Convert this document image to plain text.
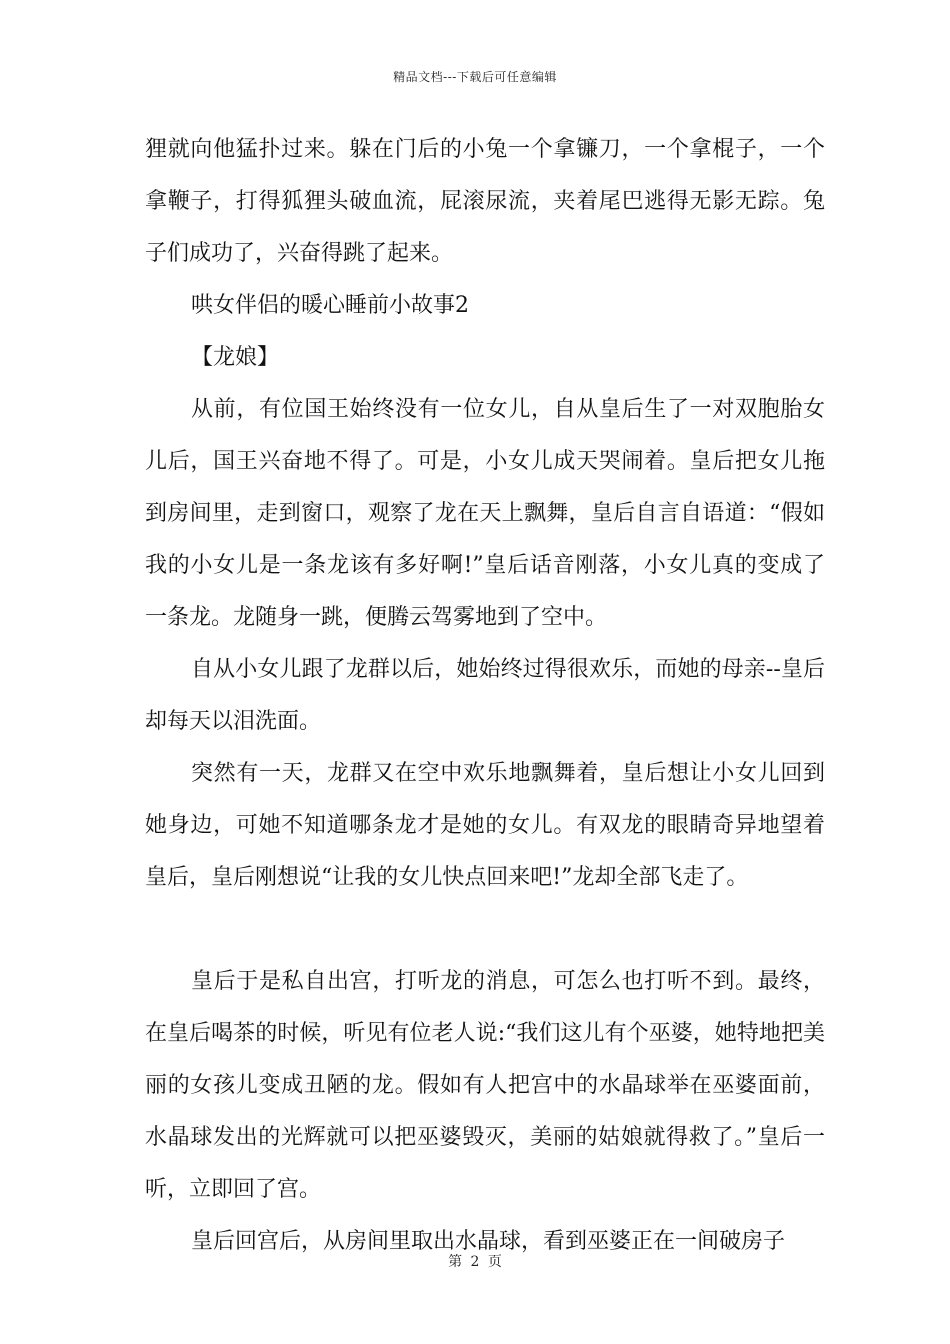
精品文档---下载后可任意编辑

狸就向他猛扑过来。躲在门后的小兔一个拿镰刀，一个拿棍子，一个拿鞭子，打得狐狸头破血流，屁滚尿流，夹着尾巴逃得无影无踪。兔子们成功了，兴奋得跳了起来。

哄女伴侣的暖心睡前小故事2

【龙娘】

从前，有位国王始终没有一位女儿，自从皇后生了一对双胞胎女儿后，国王兴奋地不得了。可是，小女儿成天哭闹着。皇后把女儿拖到房间里，走到窗口，观察了龙在天上飘舞，皇后自言自语道：“假如我的小女儿是一条龙该有多好啊!”皇后话音刚落，小女儿真的变成了一条龙。龙随身一跳，便腾云驾雾地到了空中。

自从小女儿跟了龙群以后，她始终过得很欢乐，而她的母亲--皇后却每天以泪洗面。

突然有一天，龙群又在空中欢乐地飘舞着，皇后想让小女儿回到她身边，可她不知道哪条龙才是她的女儿。有双龙的眼睛奇异地望着皇后，皇后刚想说“让我的女儿快点回来吧!”龙却全部飞走了。

皇后于是私自出宫，打听龙的消息，可怎么也打听不到。最终，在皇后喝茶的时候，听见有位老人说:“我们这儿有个巫婆，她特地把美丽的女孩儿变成丑陋的龙。假如有人把宫中的水晶球举在巫婆面前，水晶球发出的光辉就可以把巫婆毁灭，美丽的姑娘就得救了。”皇后一听，立即回了宫。

皇后回宫后，从房间里取出水晶球，看到巫婆正在一间破房子

第 2 页
